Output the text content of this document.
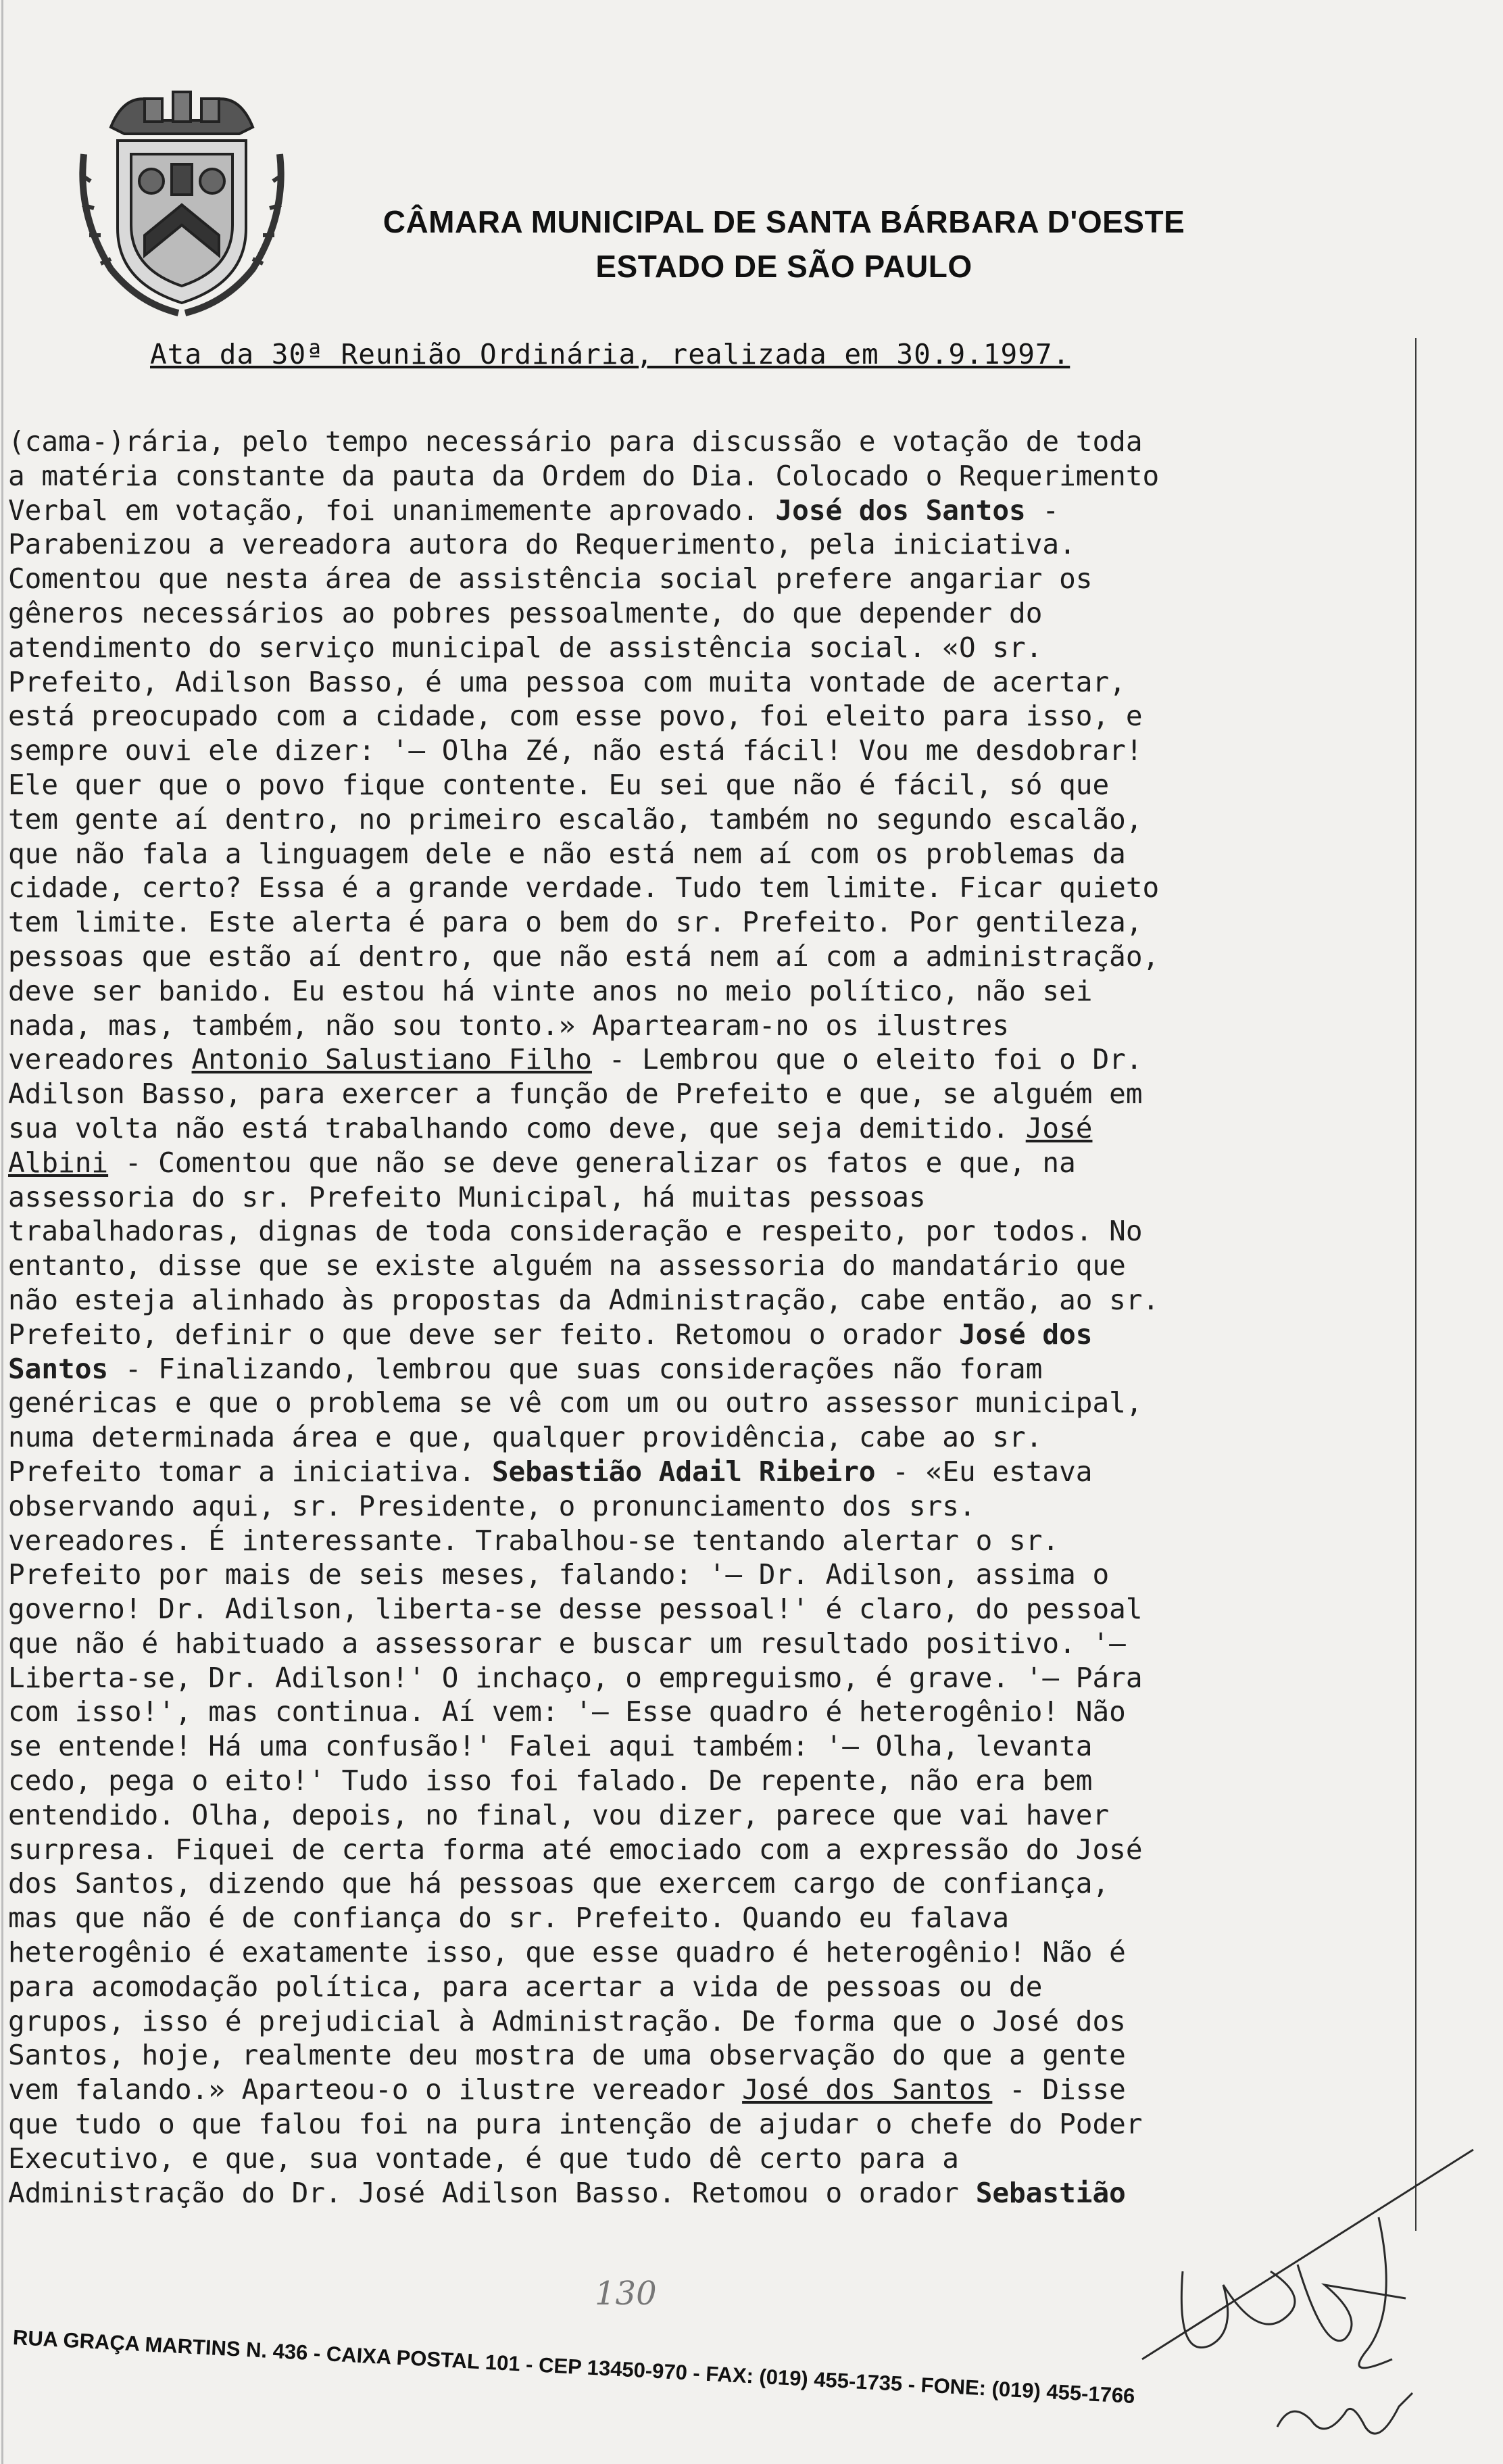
CÂMARA MUNICIPAL DE SANTA BÁRBARA D'OESTE
ESTADO DE SÃO PAULO
Ata da 30ª Reunião Ordinária, realizada em 30.9.1997.
(cama-)rária, pelo tempo necessário para discussão e votação de toda
a matéria constante da pauta da Ordem do Dia. Colocado o Requerimento
Verbal em votação, foi unanimemente aprovado. José dos Santos -
Parabenizou a vereadora autora do Requerimento, pela iniciativa.
Comentou que nesta área de assistência social prefere angariar os
gêneros necessários ao pobres pessoalmente, do que depender do
atendimento do serviço municipal de assistência social. «O sr.
Prefeito, Adilson Basso, é uma pessoa com muita vontade de acertar,
está preocupado com a cidade, com esse povo, foi eleito para isso, e
sempre ouvi ele dizer: '— Olha Zé, não está fácil! Vou me desdobrar!
Ele quer que o povo fique contente. Eu sei que não é fácil, só que
tem gente aí dentro, no primeiro escalão, também no segundo escalão,
que não fala a linguagem dele e não está nem aí com os problemas da
cidade, certo? Essa é a grande verdade. Tudo tem limite. Ficar quieto
tem limite. Este alerta é para o bem do sr. Prefeito. Por gentileza,
pessoas que estão aí dentro, que não está nem aí com a administração,
deve ser banido. Eu estou há vinte anos no meio político, não sei
nada, mas, também, não sou tonto.» Apartearam-no os ilustres
vereadores Antonio Salustiano Filho - Lembrou que o eleito foi o Dr.
Adilson Basso, para exercer a função de Prefeito e que, se alguém em
sua volta não está trabalhando como deve, que seja demitido. José
Albini - Comentou que não se deve generalizar os fatos e que, na
assessoria do sr. Prefeito Municipal, há muitas pessoas
trabalhadoras, dignas de toda consideração e respeito, por todos. No
entanto, disse que se existe alguém na assessoria do mandatário que
não esteja alinhado às propostas da Administração, cabe então, ao sr.
Prefeito, definir o que deve ser feito. Retomou o orador José dos
Santos - Finalizando, lembrou que suas considerações não foram
genéricas e que o problema se vê com um ou outro assessor municipal,
numa determinada área e que, qualquer providência, cabe ao sr.
Prefeito tomar a iniciativa. Sebastião Adail Ribeiro - «Eu estava
observando aqui, sr. Presidente, o pronunciamento dos srs.
vereadores. É interessante. Trabalhou-se tentando alertar o sr.
Prefeito por mais de seis meses, falando: '— Dr. Adilson, assima o
governo! Dr. Adilson, liberta-se desse pessoal!' é claro, do pessoal
que não é habituado a assessorar e buscar um resultado positivo. '—
Liberta-se, Dr. Adilson!' O inchaço, o empreguismo, é grave. '— Pára
com isso!', mas continua. Aí vem: '— Esse quadro é heterogênio! Não
se entende! Há uma confusão!' Falei aqui também: '— Olha, levanta
cedo, pega o eito!' Tudo isso foi falado. De repente, não era bem
entendido. Olha, depois, no final, vou dizer, parece que vai haver
surpresa. Fiquei de certa forma até emociado com a expressão do José
dos Santos, dizendo que há pessoas que exercem cargo de confiança,
mas que não é de confiança do sr. Prefeito. Quando eu falava
heterogênio é exatamente isso, que esse quadro é heterogênio! Não é
para acomodação política, para acertar a vida de pessoas ou de
grupos, isso é prejudicial à Administração. De forma que o José dos
Santos, hoje, realmente deu mostra de uma observação do que a gente
vem falando.» Aparteou-o o ilustre vereador José dos Santos - Disse
que tudo o que falou foi na pura intenção de ajudar o chefe do Poder
Executivo, e que, sua vontade, é que tudo dê certo para a
Administração do Dr. José Adilson Basso. Retomou o orador Sebastião
130
RUA GRAÇA MARTINS N. 436 - CAIXA POSTAL 101 - CEP 13450-970 - FAX: (019) 455-1735 - FONE: (019) 455-1766
